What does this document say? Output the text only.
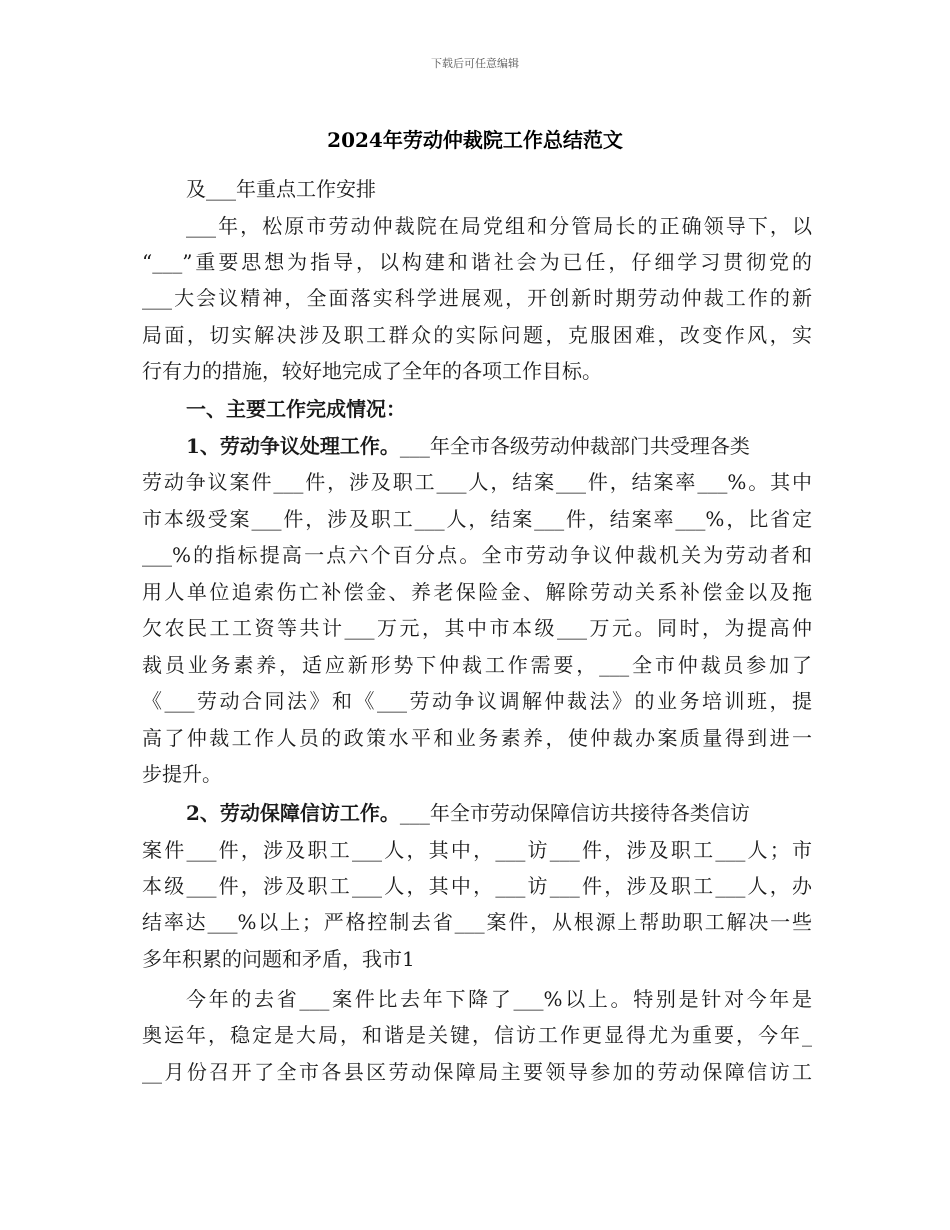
下载后可任意编辑
2024年劳动仲裁院工作总结范文
及___年重点工作安排
___年，松原市劳动仲裁院在局党组和分管局长的正确领导下，以
“___”重要思想为指导，以构建和谐社会为已任，仔细学习贯彻党的
___大会议精神，全面落实科学进展观，开创新时期劳动仲裁工作的新
局面，切实解决涉及职工群众的实际问题，克服困难，改变作风，实
行有力的措施，较好地完成了全年的各项工作目标。
一、主要工作完成情况：
1、劳动争议处理工作。___年全市各级劳动仲裁部门共受理各类
劳动争议案件___件，涉及职工___人，结案___件，结案率___%。其中
市本级受案___件，涉及职工___人，结案___件，结案率___%，比省定
___%的指标提高一点六个百分点。全市劳动争议仲裁机关为劳动者和
用人单位追索伤亡补偿金、养老保险金、解除劳动关系补偿金以及拖
欠农民工工资等共计___万元，其中市本级___万元。同时，为提高仲
裁员业务素养，适应新形势下仲裁工作需要，___全市仲裁员参加了
《___劳动合同法》和《___劳动争议调解仲裁法》的业务培训班，提
高了仲裁工作人员的政策水平和业务素养，使仲裁办案质量得到进一
步提升。
2、劳动保障信访工作。___年全市劳动保障信访共接待各类信访
案件___件，涉及职工___人，其中，___访___件，涉及职工___人；市
本级___件，涉及职工___人，其中，___访___件，涉及职工___人，办
结率达___%以上；严格控制去省___案件，从根源上帮助职工解决一些
多年积累的问题和矛盾，我市1
今年的去省___案件比去年下降了___%以上。特别是针对今年是
奥运年，稳定是大局，和谐是关键，信访工作更显得尤为重要，今年_
__月份召开了全市各县区劳动保障局主要领导参加的劳动保障信访工
